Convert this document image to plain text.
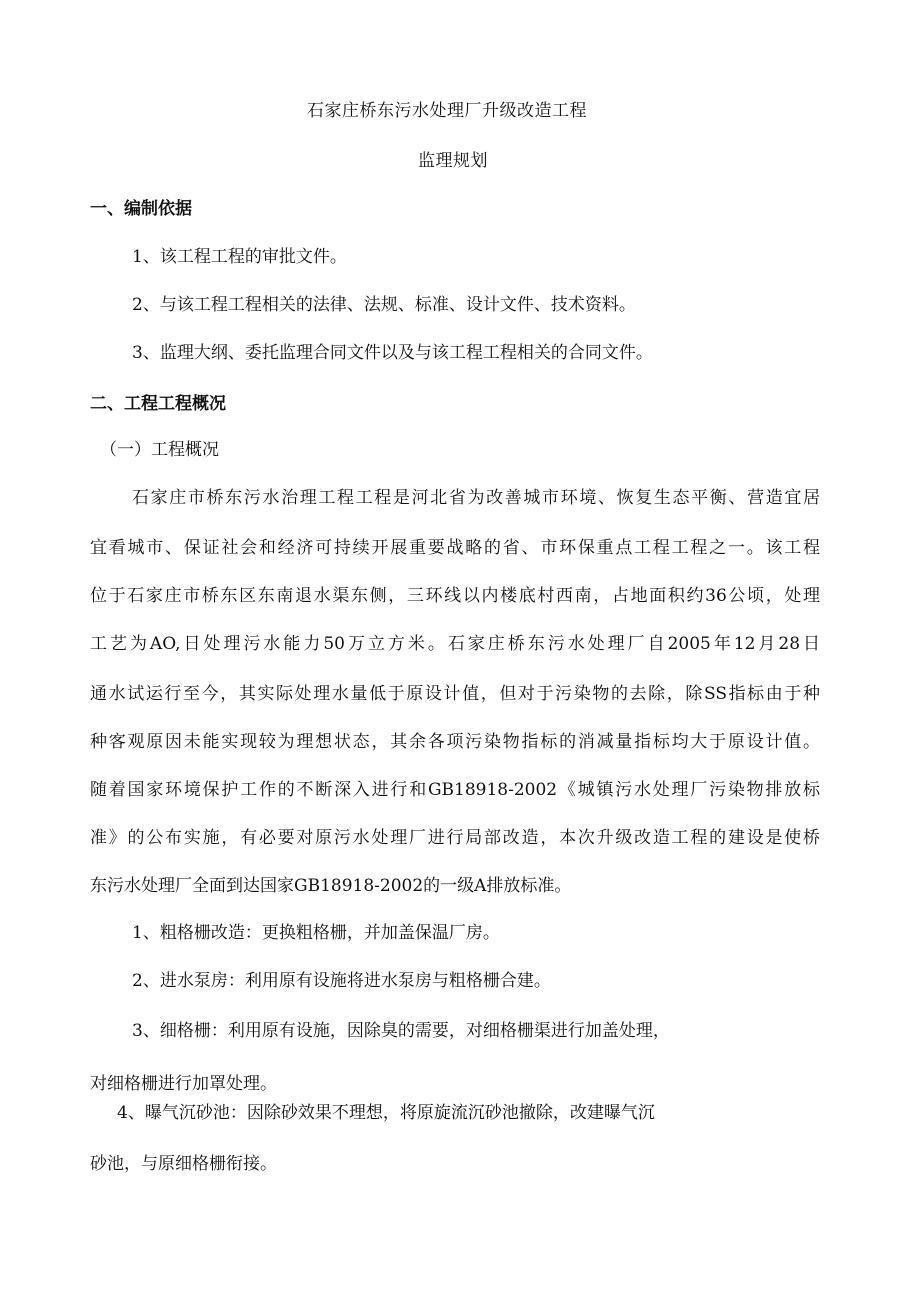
石家庄桥东污水处理厂升级改造工程
监理规划
一、编制依据
1、该工程工程的审批文件。
2、与该工程工程相关的法律、法规、标准、设计文件、技术资料。
3、监理大纲、委托监理合同文件以及与该工程工程相关的合同文件。
二、工程工程概况
（一）工程概况
石家庄市桥东污水治理工程工程是河北省为改善城市环境、恢复生态平衡、营造宜居
宜看城市、保证社会和经济可持续开展重要战略的省、市环保重点工程工程之一。该工程
位于石家庄市桥东区东南退水渠东侧，三环线以内楼底村西南，占地面积约36公顷，处理
工艺为AO,日处理污水能力50万立方米。石家庄桥东污水处理厂自2005年12月28日
通水试运行至今，其实际处理水量低于原设计值，但对于污染物的去除，除SS指标由于种
种客观原因未能实现较为理想状态，其余各项污染物指标的消减量指标均大于原设计值。
随着国家环境保护工作的不断深入进行和GB18918-2002《城镇污水处理厂污染物排放标
准》的公布实施，有必要对原污水处理厂进行局部改造，本次升级改造工程的建设是使桥
东污水处理厂全面到达国家GB18918-2002的一级A排放标准。
1、粗格栅改造：更换粗格栅，并加盖保温厂房。
2、进水泵房：利用原有设施将进水泵房与粗格栅合建。
3、细格栅：利用原有设施，因除臭的需要，对细格栅渠进行加盖处理，
对细格栅进行加罩处理。
4、曝气沉砂池：因除砂效果不理想，将原旋流沉砂池撤除，改建曝气沉
砂池，与原细格栅衔接。
